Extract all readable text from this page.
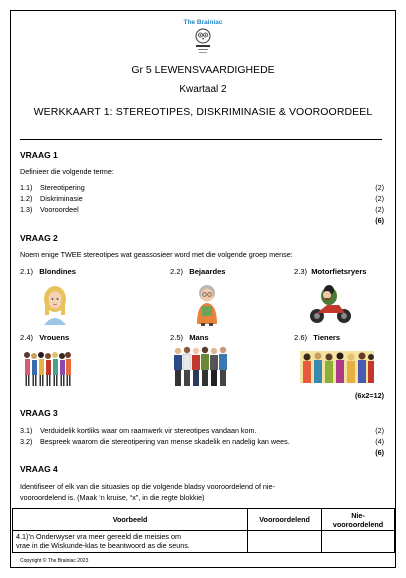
The Brainiac
Gr 5 LEWENSVAARDIGHEDE
Kwartaal 2
WERKKAART 1: STEREOTIPES, DISKRIMINASIE & VOOROORDEEL
VRAAG 1
Definieer die volgende terme:
1.1) Stereotipering	(2)
1.2) Diskriminasie	(2)
1.3) Vooroordeel	(2)
(6)
VRAAG 2
Noem enige TWEE stereotipes wat geassosieer word met die volgende groep mense:
2.1) Blondines	2.2) Bejaardes	2.3) Motorfietsryers
2.4) Vrouens	2.5) Mans	2.6) Tieners
(6x2=12)
VRAAG 3
3.1) Verduidelik kortliks waar om raamwerk vir stereotipes vandaan kom.	(2)
3.2) Bespreek waarom die stereotipering van mense skadelik en nadelig kan wees.	(4)
(6)
VRAAG 4
Identifiseer of elk van die situasies op die volgende bladsy vooroordelend of nie-
vooroordelend is. (Maak ‘n kruise, “x”, in die regte blokkie)
Voorbeeld	Vooroordelend	Nie-
vooroordelend

4.1)’n Onderwyser vra meer gereeld die meisies om
vrae in die Wiskunde-klas te beantwoord as die seuns.		

Copyright © The Brainiac 2023
